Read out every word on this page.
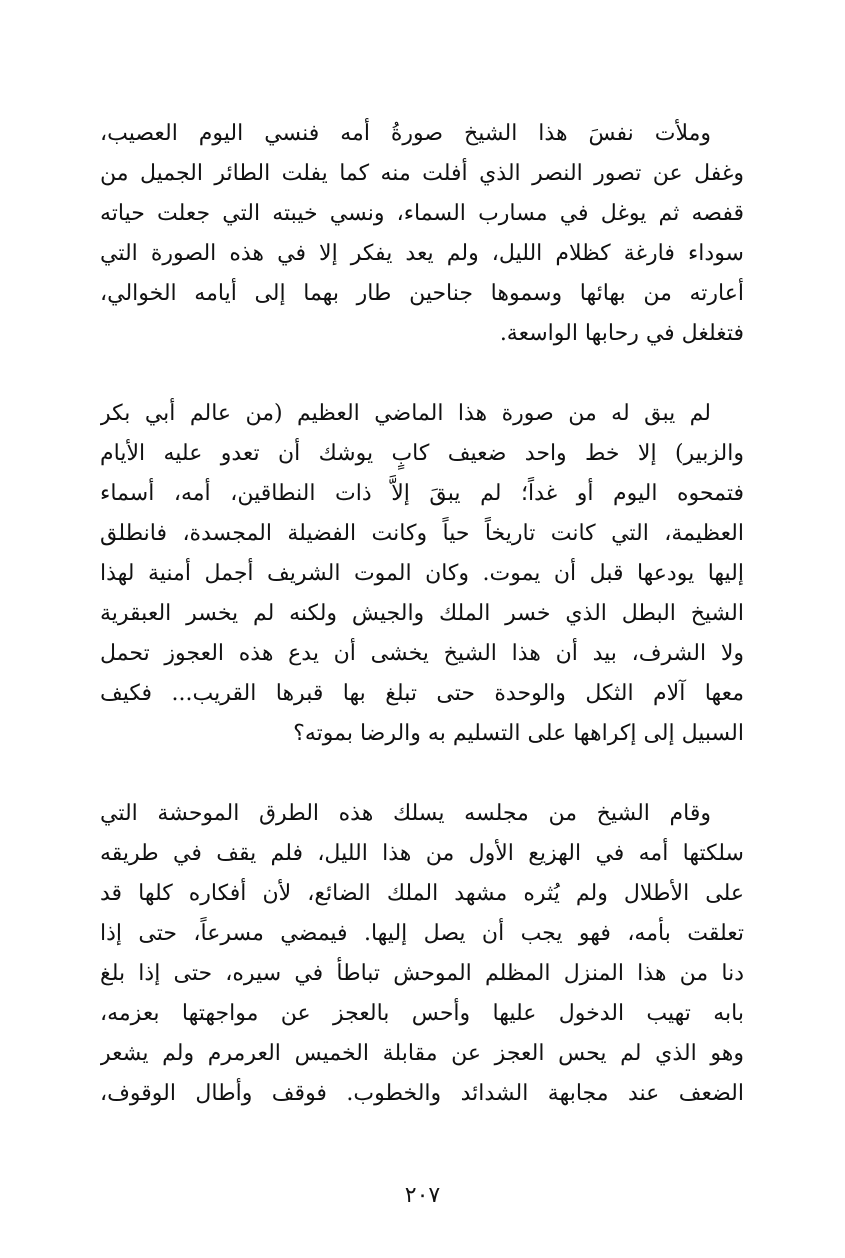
وملأت نفسَ هذا الشيخ صورةُ أمه فنسي اليوم العصيب،
وغفل عن تصور النصر الذي أفلت منه كما يفلت الطائر الجميل من
قفصه ثم يوغل في مسارب السماء، ونسي خيبته التي جعلت حياته
سوداء فارغة كظلام الليل، ولم يعد يفكر إلا في هذه الصورة التي
أعارته من بهائها وسموها جناحين طار بهما إلى أيامه الخوالي،
فتغلغل في رحابها الواسعة.
لم يبق له من صورة هذا الماضي العظيم (من عالم أبي بكر
والزبير) إلا خط واحد ضعيف كابٍ يوشك أن تعدو عليه الأيام
فتمحوه اليوم أو غداً؛ لم يبقَ إلاَّ ذات النطاقين، أمه، أسماء
العظيمة، التي كانت تاريخاً حياً وكانت الفضيلة المجسدة، فانطلق
إليها يودعها قبل أن يموت. وكان الموت الشريف أجمل أمنية لهذا
الشيخ البطل الذي خسر الملك والجيش ولكنه لم يخسر العبقرية
ولا الشرف، بيد أن هذا الشيخ يخشى أن يدع هذه العجوز تحمل
معها آلام الثكل والوحدة حتى تبلغ بها قبرها القريب... فكيف
السبيل إلى إكراهها على التسليم به والرضا بموته؟
وقام الشيخ من مجلسه يسلك هذه الطرق الموحشة التي
سلكتها أمه في الهزيع الأول من هذا الليل، فلم يقف في طريقه
على الأطلال ولم يُثره مشهد الملك الضائع، لأن أفكاره كلها قد
تعلقت بأمه، فهو يجب أن يصل إليها. فيمضي مسرعاً، حتى إذا
دنا من هذا المنزل المظلم الموحش تباطأ في سيره، حتى إذا بلغ
بابه تهيب الدخول عليها وأحس بالعجز عن مواجهتها بعزمه،
وهو الذي لم يحس العجز عن مقابلة الخميس العرمرم ولم يشعر
الضعف عند مجابهة الشدائد والخطوب. فوقف وأطال الوقوف،
٢٠٧
